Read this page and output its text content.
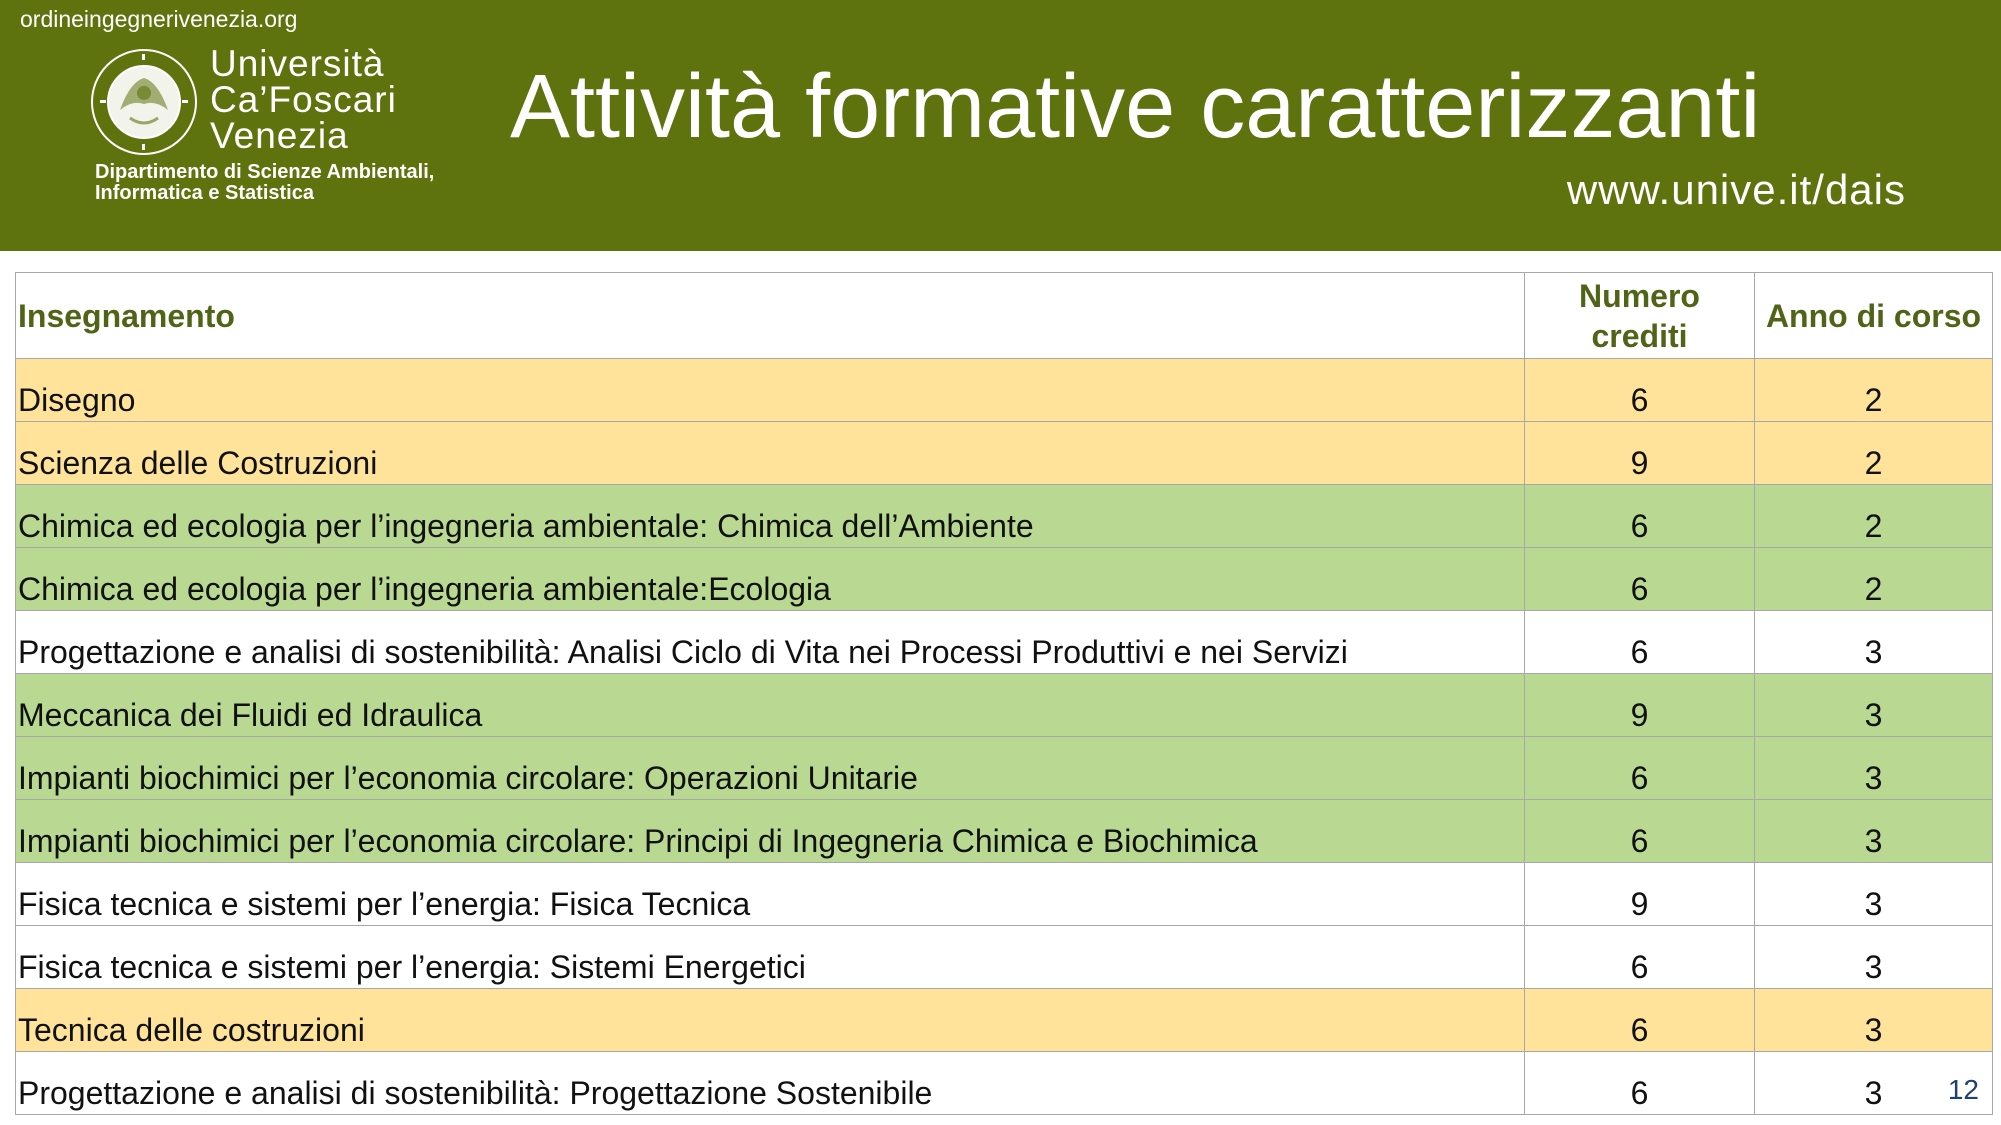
ordineingegnerivenezia.org
Università
Ca’Foscari
Venezia
Dipartimento di Scienze Ambientali,
Informatica e Statistica
Attività formative caratterizzanti
www.unive.it/dais
Insegnamento	Numero crediti	Anno di corso
Disegno	6	2
Scienza delle Costruzioni	9	2
Chimica ed ecologia per l’ingegneria ambientale: Chimica dell’Ambiente	6	2
Chimica ed ecologia per l’ingegneria ambientale:Ecologia	6	2
Progettazione e analisi di sostenibilità: Analisi Ciclo di Vita nei Processi Produttivi e nei Servizi	6	3
Meccanica dei Fluidi ed Idraulica	9	3
Impianti biochimici per l’economia circolare: Operazioni Unitarie	6	3
Impianti biochimici per l’economia circolare: Principi di Ingegneria Chimica e Biochimica	6	3
Fisica tecnica e sistemi per l’energia: Fisica Tecnica	9	3
Fisica tecnica e sistemi per l’energia: Sistemi Energetici	6	3
Tecnica delle costruzioni	6	3
Progettazione e analisi di sostenibilità: Progettazione Sostenibile	6	3 12
